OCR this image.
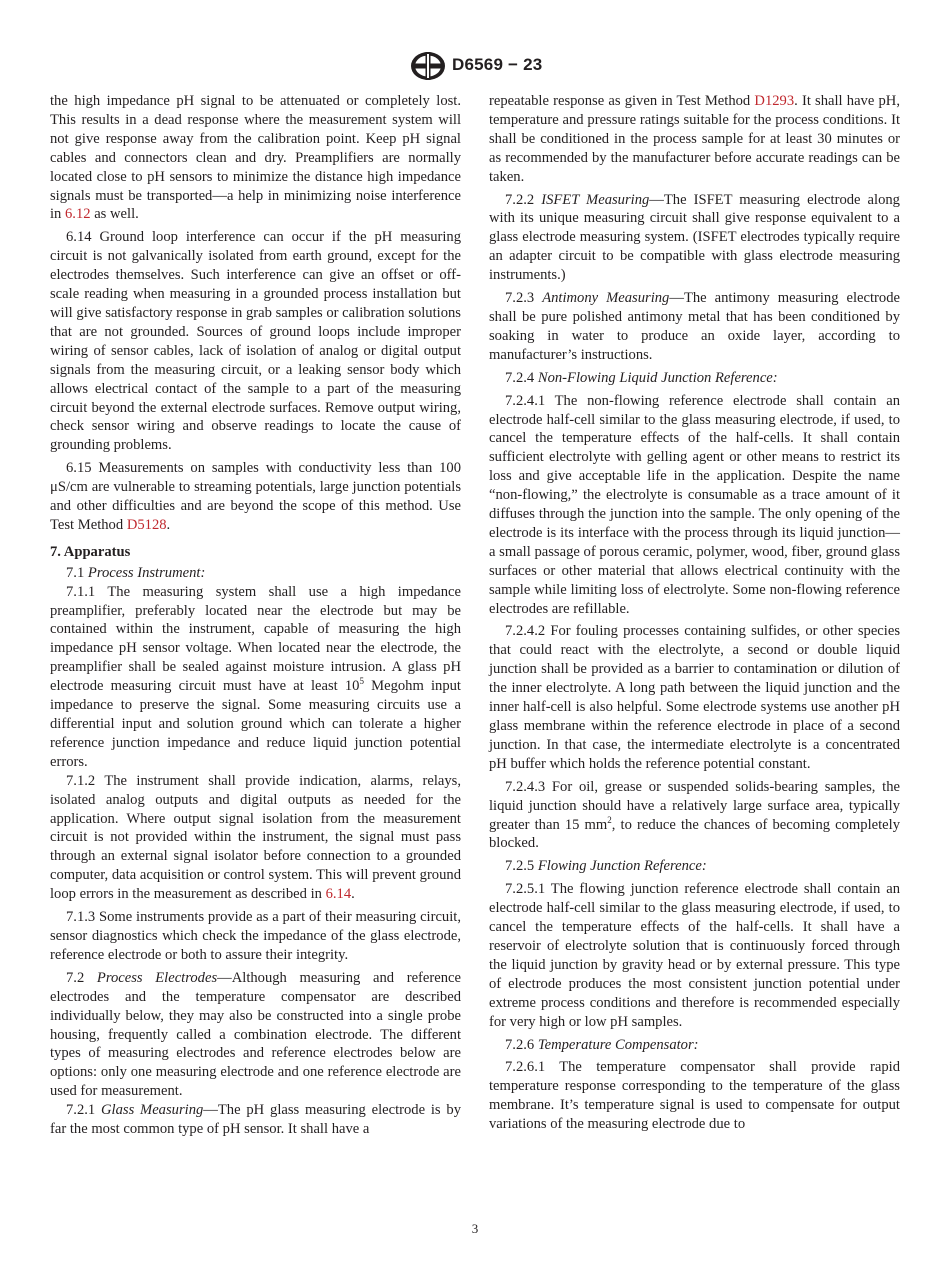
D6569 − 23

the high impedance pH signal to be attenuated or completely lost. This results in a dead response where the measurement system will not give response away from the calibration point. Keep pH signal cables and connectors clean and dry. Preamplifiers are normally located close to pH sensors to minimize the distance high impedance signals must be transported—a help in minimizing noise interference in 6.12 as well.

6.14 Ground loop interference can occur if the pH measuring circuit is not galvanically isolated from earth ground, except for the electrodes themselves. Such interference can give an offset or off-scale reading when measuring in a grounded process installation but will give satisfactory response in grab samples or calibration solutions that are not grounded. Sources of ground loops include improper wiring of sensor cables, lack of isolation of analog or digital output signals from the measuring circuit, or a leaking sensor body which allows electrical contact of the sample to a part of the measuring circuit beyond the external electrode surfaces. Remove output wiring, check sensor wiring and observe readings to locate the cause of grounding problems.

6.15 Measurements on samples with conductivity less than 100 μS/cm are vulnerable to streaming potentials, large junction potentials and other difficulties and are beyond the scope of this method. Use Test Method D5128.

7. Apparatus

7.1 Process Instrument:

7.1.1 The measuring system shall use a high impedance preamplifier, preferably located near the electrode but may be contained within the instrument, capable of measuring the high impedance pH sensor voltage. When located near the electrode, the preamplifier shall be sealed against moisture intrusion. A glass pH electrode measuring circuit must have at least $10^5$ Megohm input impedance to preserve the signal. Some measuring circuits use a differential input and solution ground which can tolerate a higher reference junction impedance and reduce liquid junction potential errors.

7.1.2 The instrument shall provide indication, alarms, relays, isolated analog outputs and digital outputs as needed for the application. Where output signal isolation from the measurement circuit is not provided within the instrument, the signal must pass through an external signal isolator before connection to a grounded computer, data acquisition or control system. This will prevent ground loop errors in the measurement as described in 6.14.

7.1.3 Some instruments provide as a part of their measuring circuit, sensor diagnostics which check the impedance of the glass electrode, reference electrode or both to assure their integrity.

7.2 Process Electrodes—Although measuring and reference electrodes and the temperature compensator are described individually below, they may also be constructed into a single probe housing, frequently called a combination electrode. The different types of measuring electrodes and reference electrodes below are options: only one measuring electrode and one reference electrode are used for measurement.

7.2.1 Glass Measuring—The pH glass measuring electrode is by far the most common type of pH sensor. It shall have a

repeatable response as given in Test Method D1293. It shall have pH, temperature and pressure ratings suitable for the process conditions. It shall be conditioned in the process sample for at least 30 minutes or as recommended by the manufacturer before accurate readings can be taken.

7.2.2 ISFET Measuring—The ISFET measuring electrode along with its unique measuring circuit shall give response equivalent to a glass electrode measuring system. (ISFET electrodes typically require an adapter circuit to be compatible with glass electrode measuring instruments.)

7.2.3 Antimony Measuring—The antimony measuring electrode shall be pure polished antimony metal that has been conditioned by soaking in water to produce an oxide layer, according to manufacturer’s instructions.

7.2.4 Non-Flowing Liquid Junction Reference:

7.2.4.1 The non-flowing reference electrode shall contain an electrode half-cell similar to the glass measuring electrode, if used, to cancel the temperature effects of the half-cells. It shall contain sufficient electrolyte with gelling agent or other means to restrict its loss and give acceptable life in the application. Despite the name “non-flowing,” the electrolyte is consumable as a trace amount of it diffuses through the junction into the sample. The only opening of the electrode is its interface with the process through its liquid junction—a small passage of porous ceramic, polymer, wood, fiber, ground glass surfaces or other material that allows electrical continuity with the sample while limiting loss of electrolyte. Some non-flowing reference electrodes are refillable.

7.2.4.2 For fouling processes containing sulfides, or other species that could react with the electrolyte, a second or double liquid junction shall be provided as a barrier to contamination or dilution of the inner electrolyte. A long path between the liquid junction and the inner half-cell is also helpful. Some electrode systems use another pH glass membrane within the reference electrode in place of a second junction. In that case, the intermediate electrolyte is a concentrated pH buffer which holds the reference potential constant.

7.2.4.3 For oil, grease or suspended solids-bearing samples, the liquid junction should have a relatively large surface area, typically greater than 15 $mm^2$, to reduce the chances of becoming completely blocked.

7.2.5 Flowing Junction Reference:

7.2.5.1 The flowing junction reference electrode shall contain an electrode half-cell similar to the glass measuring electrode, if used, to cancel the temperature effects of the half-cells. It shall have a reservoir of electrolyte solution that is continuously forced through the liquid junction by gravity head or by external pressure. This type of electrode produces the most consistent junction potential under extreme process conditions and therefore is recommended especially for very high or low pH samples.

7.2.6 Temperature Compensator:

7.2.6.1 The temperature compensator shall provide rapid temperature response corresponding to the temperature of the glass membrane. It’s temperature signal is used to compensate for output variations of the measuring electrode due to

3
